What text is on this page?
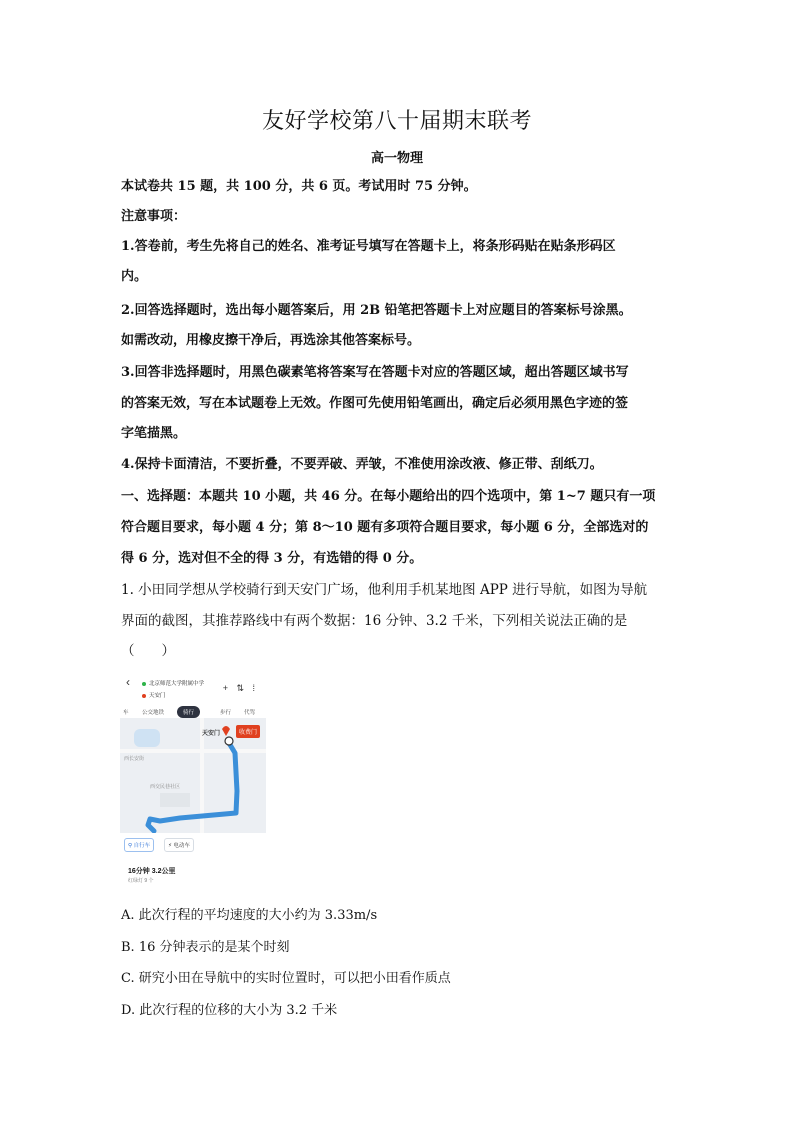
友好学校第八十届期末联考
高一物理
本试卷共 15 题，共 100 分，共 6 页。考试用时 75 分钟。
注意事项：
1.答卷前，考生先将自己的姓名、准考证号填写在答题卡上，将条形码贴在贴条形码区
内。
2.回答选择题时，选出每小题答案后，用 2B 铅笔把答题卡上对应题目的答案标号涂黑。
如需改动，用橡皮擦干净后，再选涂其他答案标号。
3.回答非选择题时，用黑色碳素笔将答案写在答题卡对应的答题区域，超出答题区域书写
的答案无效，写在本试题卷上无效。作图可先使用铅笔画出，确定后必须用黑色字迹的签
字笔描黑。
4.保持卡面清洁，不要折叠，不要弄破、弄皱，不准使用涂改液、修正带、刮纸刀。
一、选择题：本题共 10 小题，共 46 分。在每小题给出的四个选项中，第 1~7 题只有一项
符合题目要求，每小题 4 分；第 8～10 题有多项符合题目要求，每小题 6 分，全部选对的
得 6 分，选对但不全的得 3 分，有选错的得 0 分。
1. 小田同学想从学校骑行到天安门广场，他利用手机某地图 APP 进行导航，如图为导航
界面的截图，其推荐路线中有两个数据：16 分钟、3.2 千米，下列相关说法正确的是
（　　）
‹	北京师范大学附属中学
天安门
+ ⇅ ⁞
车 公交地铁	骑行	步行 代驾
天安门	收费门
西交民巷社区
西长安街
⚲ 自行车	⚡ 电动车
16分钟 3.2公里
红绿灯 9 个
A. 此次行程的平均速度的大小约为 3.33m/s
B. 16 分钟表示的是某个时刻
C. 研究小田在导航中的实时位置时，可以把小田看作质点
D. 此次行程的位移的大小为 3.2 千米
